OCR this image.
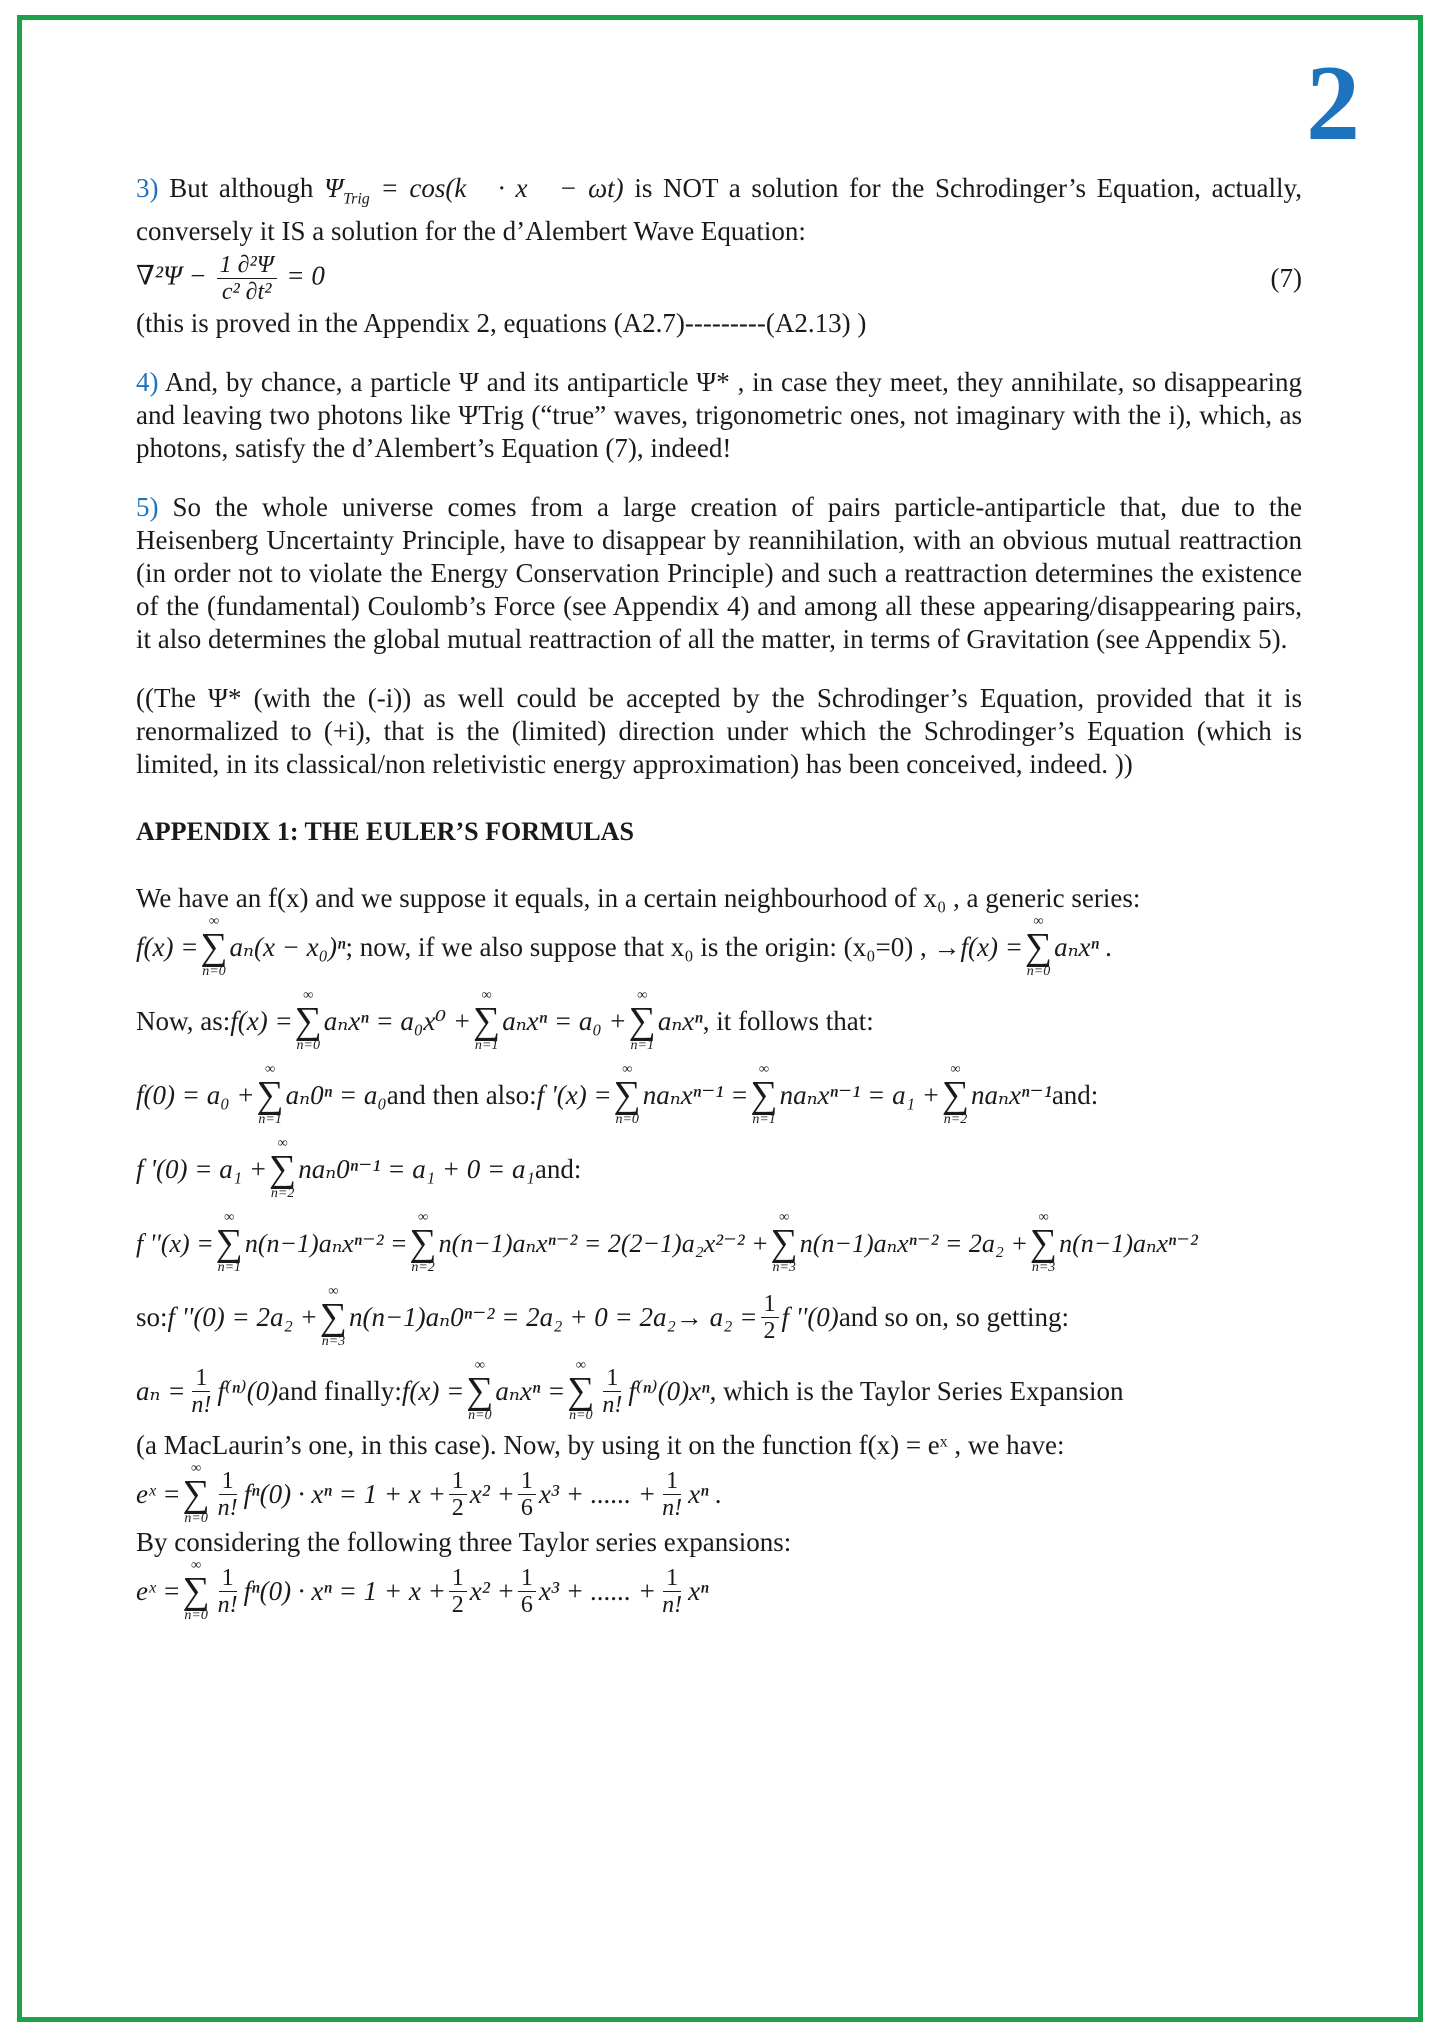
2

3) But although $\Psi_{Trig}$ = cos(k⃗ · x⃗ − ωt) is NOT a solution for the Schrodinger’s Equation, actually, conversely it IS a solution for the d’Alembert Wave Equation:

$\nabla^2\Psi - \frac{\text{1 ∂²Ψ}}{\text{c² ∂t²}} = 0$	(7)

(this is proved in the Appendix 2, equations (A2.7)---------(A2.13) )

4) And, by chance, a particle Ψ and its antiparticle Ψ* , in case they meet, they annihilate, so disappearing and leaving two photons like ΨTrig (“true” waves, trigonometric ones, not imaginary with the i), which, as photons, satisfy the d’Alembert’s Equation (7), indeed!

5) So the whole universe comes from a large creation of pairs particle-antiparticle that, due to the Heisenberg Uncertainty Principle, have to disappear by reannihilation, with an obvious mutual reattraction (in order not to violate the Energy Conservation Principle) and such a reattraction determines the existence of the (fundamental) Coulomb’s Force (see Appendix 4) and among all these appearing/disappearing pairs, it also determines the global mutual reattraction of all the matter, in terms of Gravitation (see Appendix 5).

((The Ψ* (with the (-i)) as well could be accepted by the Schrodinger’s Equation, provided that it is renormalized to (+i), that is the (limited) direction under which the Schrodinger’s Equation (which is limited, in its classical/non reletivistic energy approximation) has been conceived, indeed. ))

APPENDIX 1: THE EULER’S FORMULAS

We have an f(x) and we suppose it equals, in a certain neighbourhood of x₀ , a generic series:

f(x) =
∞
∑
n=0
aₙ(x − x₀)ⁿ ; now, if we also suppose that x₀ is the origin: (x₀=0) , → f(x) =
∞
∑
n=0
aₙxⁿ .
Now, as: f(x) =
∞
∑
n=0
aₙxⁿ = a₀x⁰ +
∞
∑
n=1
aₙxⁿ = a₀ +
∞
∑
n=1
aₙxⁿ , it follows that:
f(0) = a₀ +
∞
∑
n=1
aₙ0ⁿ = a₀ and then also: f '(x) =
∞
∑
n=0
naₙxⁿ⁻¹ =
∞
∑
n=1
naₙxⁿ⁻¹ = a₁ +
∞
∑
n=2
naₙxⁿ⁻¹ and:
f '(0) = a₁ +
∞
∑
n=2
naₙ0ⁿ⁻¹ = a₁ + 0 = a₁ and:
f ''(x) =
∞
∑
n=1
n(n−1)aₙxⁿ⁻² =
∞
∑
n=2
n(n−1)aₙxⁿ⁻² = 2(2−1)a₂x²⁻² +
∞
∑
n=3
n(n−1)aₙxⁿ⁻² = 2a₂ +
∞
∑
n=3
n(n−1)aₙxⁿ⁻²
so: f ''(0) = 2a₂ +
∞
∑
n=3
$n(n-1)a_n0^{n-2} = 2a_2 + 0 = 2a_2 \to a_2 = \frac{1}{2}$ f ''(0) and so on, so getting:
$a_n = \frac{1}{n!} f^{(n)}(0)$ and finally: f(x) =
∞
∑
n=0
aₙxⁿ =
∞
∑
$n=0 \frac{1}{n!} f^{(n)}(0)x^n$ , which is the Taylor Series Expansion

(a MacLaurin’s one, in this case). Now, by using it on the function f(x) = eˣ , we have:

eˣ =
∞
∑
$n=0 \frac{1}{n!} f^n(0) \cdot x^n = 1 + x + \frac{1}{2} x^2 + \frac{1}{6} x^3$ + ...... + $\frac{1}{n!}$ xⁿ .

By considering the following three Taylor series expansions:

eˣ =
∞
∑
$n=0 \frac{1}{n!} f^n(0) \cdot x^n = 1 + x + \frac{1}{2} x^2 + \frac{1}{6} x^3$ + ...... + $\frac{1}{n!}$ xⁿ
